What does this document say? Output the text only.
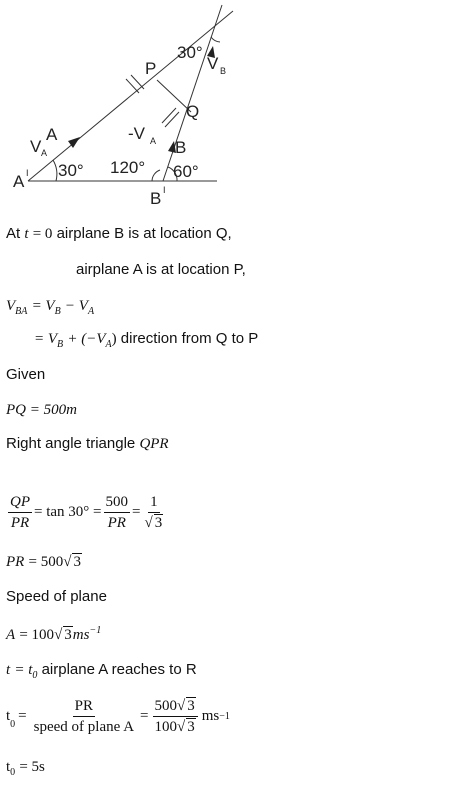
P
Q
A
B
A I
B I
V A
V B
-V A
30°
30° 120° 60°
At t = 0 airplane B is at location Q,
airplane A is at location P,
$V_{BA} = V_B - V_A$
= $V_B + (-V_A)$ direction from Q to P
Given
PQ = 500m
Right angle triangle QPR
$\frac{QP}{PR} = \tan 30^\circ = \frac{500}{PR} = \frac{1}{√ 3}$
PR = 500√ 3
Speed of plane
A = 100√ $3ms^{-1}$
$t = t_0$ airplane A reaches to R
t
$_0$
= $\frac{PR}{\text{speed of plane A}} = \frac{500√ 3}{100√ 3}$ ms −1
$t_0 = 5s$
